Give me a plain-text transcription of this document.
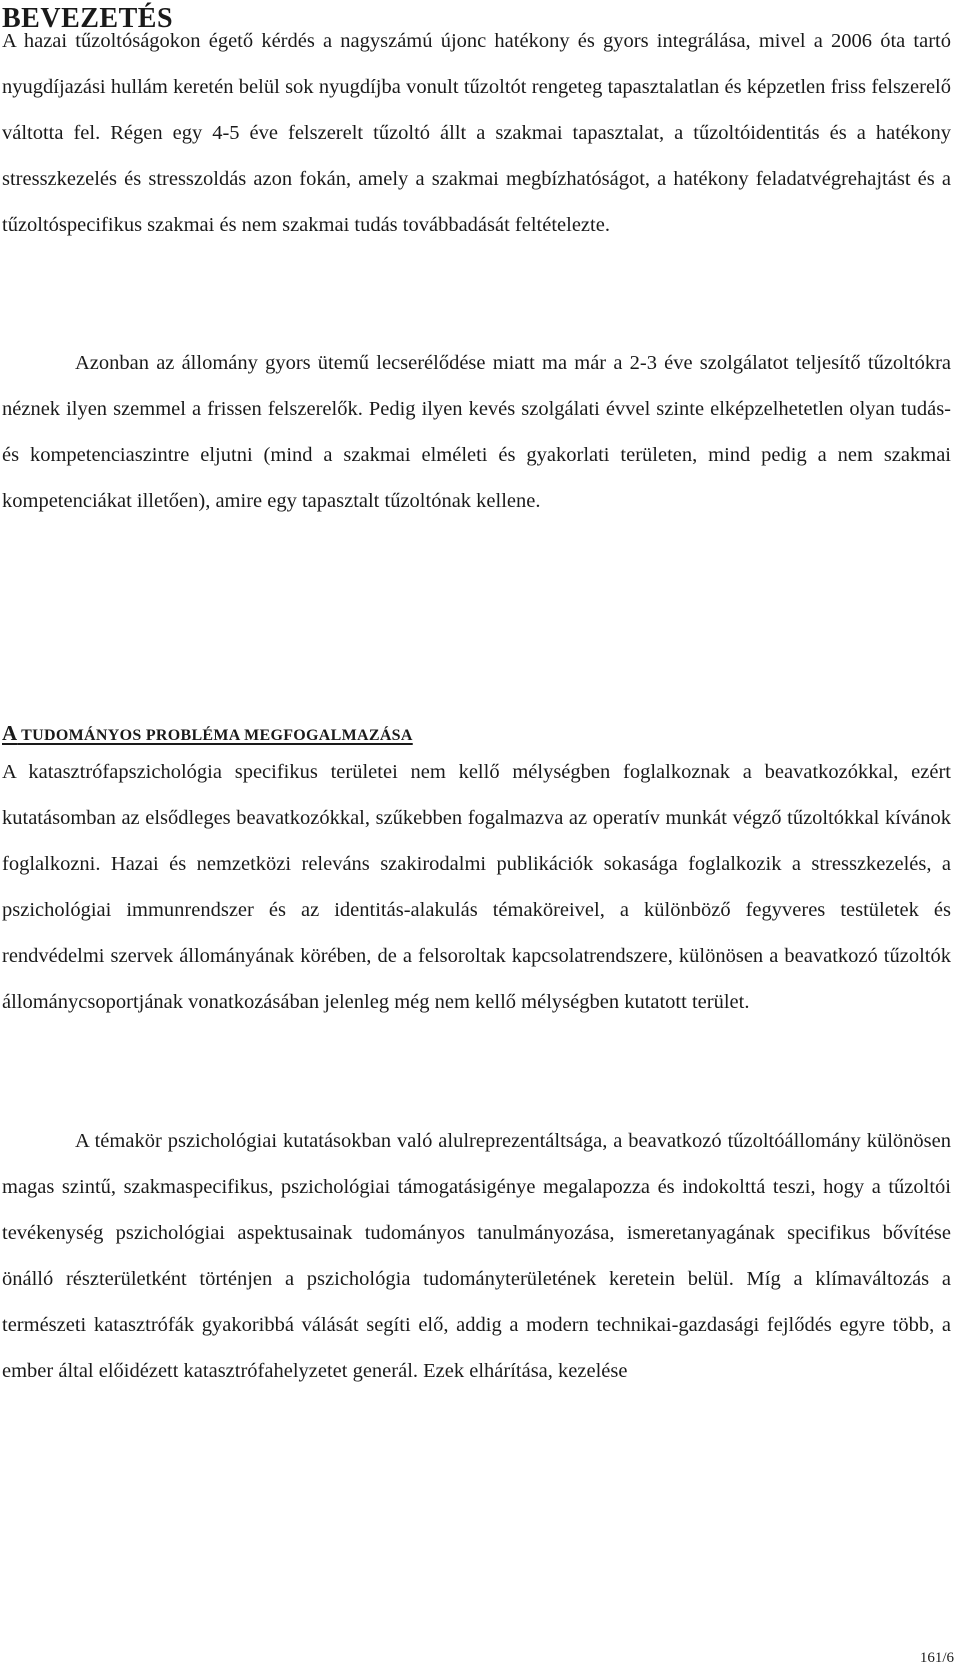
BEVEZETÉS

A hazai tűzoltóságokon égető kérdés a nagyszámú újonc hatékony és gyors integrálása, mivel a 2006 óta tartó nyugdíjazási hullám keretén belül sok nyugdíjba vonult tűzoltót rengeteg tapasztalatlan és képzetlen friss felszerelő váltotta fel. Régen egy 4-5 éve felszerelt tűzoltó állt a szakmai tapasztalat, a tűzoltóidentitás és a hatékony stresszkezelés és stresszoldás azon fokán, amely a szakmai megbízhatóságot, a hatékony feladatvégrehajtást és a tűzoltóspecifikus szakmai és nem szakmai tudás továbbadását feltételezte.

Azonban az állomány gyors ütemű lecserélődése miatt ma már a 2-3 éve szolgálatot teljesítő tűzoltókra néznek ilyen szemmel a frissen felszerelők. Pedig ilyen kevés szolgálati évvel szinte elképzelhetetlen olyan tudás- és kompetenciaszintre eljutni (mind a szakmai elméleti és gyakorlati területen, mind pedig a nem szakmai kompetenciákat illetően), amire egy tapasztalt tűzoltónak kellene.

A TUDOMÁNYOS PROBLÉMA MEGFOGALMAZÁSA

A katasztrófapszichológia specifikus területei nem kellő mélységben foglalkoznak a beavatkozókkal, ezért kutatásomban az elsődleges beavatkozókkal, szűkebben fogalmazva az operatív munkát végző tűzoltókkal kívánok foglalkozni. Hazai és nemzetközi releváns szakirodalmi publikációk sokasága foglalkozik a stresszkezelés, a pszichológiai immunrendszer és az identitás-alakulás témaköreivel, a különböző fegyveres testületek és rendvédelmi szervek állományának körében, de a felsoroltak kapcsolatrendszere, különösen a beavatkozó tűzoltók állománycsoportjának vonatkozásában jelenleg még nem kellő mélységben kutatott terület.

A témakör pszichológiai kutatásokban való alulreprezentáltsága, a beavatkozó tűzoltóállomány különösen magas szintű, szakmaspecifikus, pszichológiai támogatásigénye megalapozza és indokolttá teszi, hogy a tűzoltói tevékenység pszichológiai aspektusainak tudományos tanulmányozása, ismeretanyagának specifikus bővítése önálló részterületként történjen a pszichológia tudományterületének keretein belül. Míg a klímaváltozás a természeti katasztrófák gyakoribbá válását segíti elő, addig a modern technikai-gazdasági fejlődés egyre több, a ember által előidézett katasztrófahelyzetet generál. Ezek elhárítása, kezelése

161/6
